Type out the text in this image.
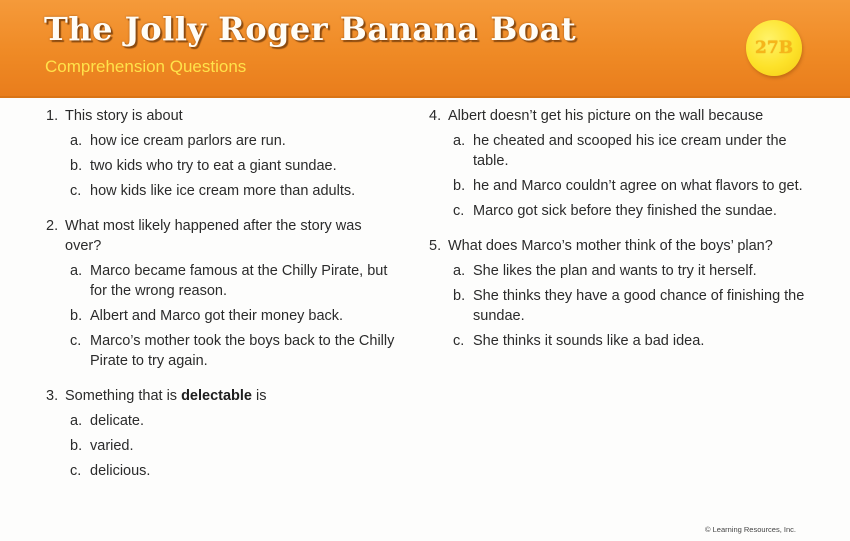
The Jolly Roger Banana Boat
Comprehension Questions
27B
1. This story is about
a. how ice cream parlors are run.
b. two kids who try to eat a giant sundae.
c. how kids like ice cream more than adults.
2. What most likely happened after the story was over?
a. Marco became famous at the Chilly Pirate, but for the wrong reason.
b. Albert and Marco got their money back.
c. Marco’s mother took the boys back to the Chilly Pirate to try again.
3. Something that is delectable is
a. delicate.
b. varied.
c. delicious.
4. Albert doesn’t get his picture on the wall because
a. he cheated and scooped his ice cream under the table.
b. he and Marco couldn’t agree on what flavors to get.
c. Marco got sick before they finished the sundae.
5. What does Marco’s mother think of the boys’ plan?
a. She likes the plan and wants to try it herself.
b. She thinks they have a good chance of finishing the sundae.
c. She thinks it sounds like a bad idea.
© Learning Resources, Inc.
